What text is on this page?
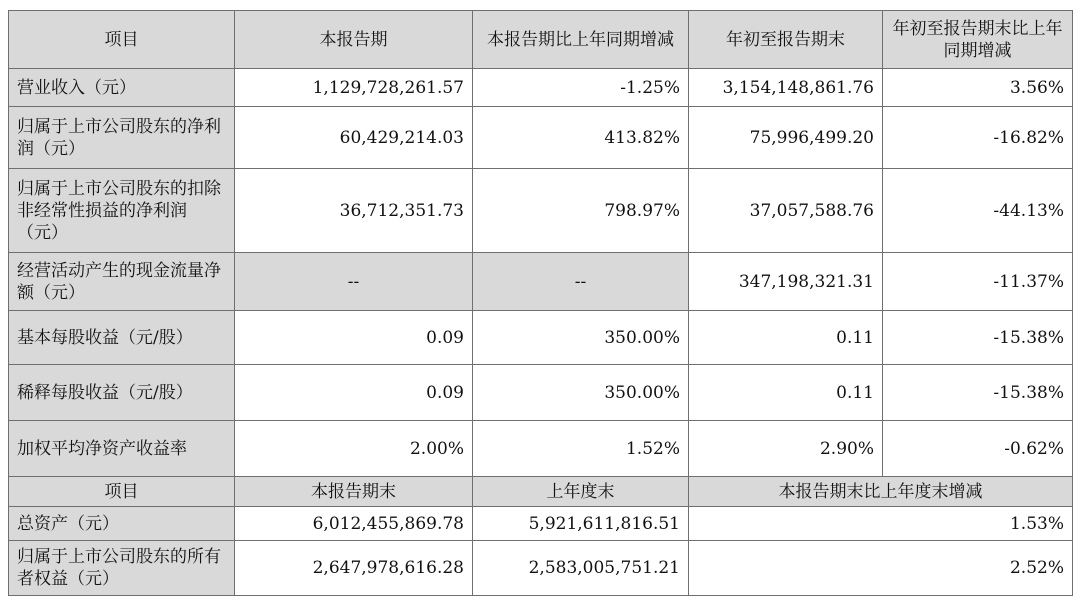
项目	本报告期	本报告期比上年同期增减	年初至报告期末	年初至报告期末比上年同期增减
营业收入（元）	1,129,728,261.57	-1.25%	3,154,148,861.76	3.56%
归属于上市公司股东的净利润（元）	60,429,214.03	413.82%	75,996,499.20	-16.82%
归属于上市公司股东的扣除非经常性损益的净利润（元）	36,712,351.73	798.97%	37,057,588.76	-44.13%
经营活动产生的现金流量净额（元）	--	--	347,198,321.31	-11.37%
基本每股收益（元/股）	0.09	350.00%	0.11	-15.38%
稀释每股收益（元/股）	0.09	350.00%	0.11	-15.38%
加权平均净资产收益率	2.00%	1.52%	2.90%	-0.62%
项目	本报告期末	上年度末	本报告期末比上年度末增减	
总资产（元）	6,012,455,869.78	5,921,611,816.51	1.53%	
归属于上市公司股东的所有者权益（元）	2,647,978,616.28	2,583,005,751.21	2.52%	
